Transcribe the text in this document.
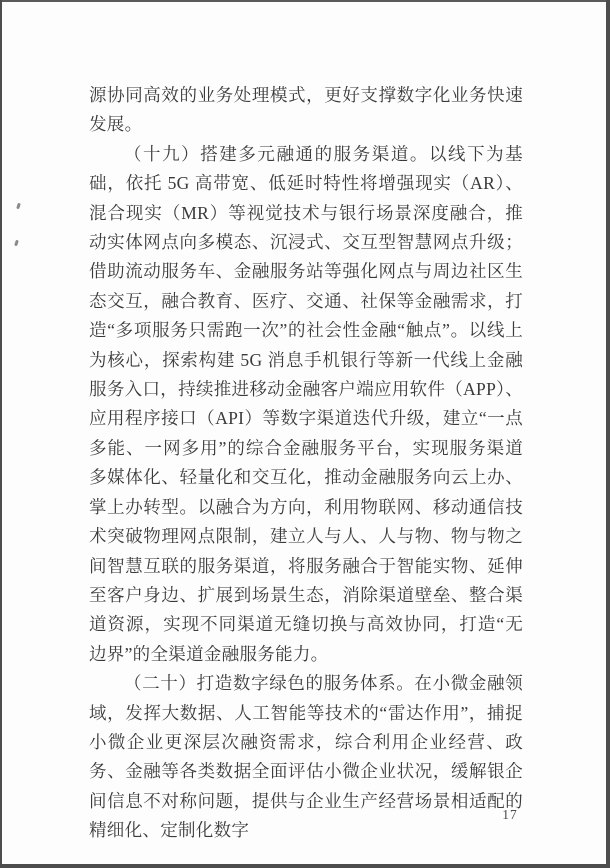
源协同高效的业务处理模式，更好支撑数字化业务快速发展。

（十九）搭建多元融通的服务渠道。以线下为基础，依托 5G 高带宽、低延时特性将增强现实（AR）、混合现实（MR）等视觉技术与银行场景深度融合，推动实体网点向多模态、沉浸式、交互型智慧网点升级；借助流动服务车、金融服务站等强化网点与周边社区生态交互，融合教育、医疗、交通、社保等金融需求，打造“多项服务只需跑一次”的社会性金融“触点”。以线上为核心，探索构建 5G 消息手机银行等新一代线上金融服务入口，持续推进移动金融客户端应用软件（APP）、应用程序接口（API）等数字渠道迭代升级，建立“一点多能、一网多用”的综合金融服务平台，实现服务渠道多媒体化、轻量化和交互化，推动金融服务向云上办、掌上办转型。以融合为方向，利用物联网、移动通信技术突破物理网点限制，建立人与人、人与物、物与物之间智慧互联的服务渠道，将服务融合于智能实物、延伸至客户身边、扩展到场景生态，消除渠道壁垒、整合渠道资源，实现不同渠道无缝切换与高效协同，打造“无边界”的全渠道金融服务能力。

（二十）打造数字绿色的服务体系。在小微金融领域，发挥大数据、人工智能等技术的“雷达作用”，捕捉小微企业更深层次融资需求，综合利用企业经营、政务、金融等各类数据全面评估小微企业状况，缓解银企间信息不对称问题，提供与企业生产经营场景相适配的精细化、定制化数字

17
